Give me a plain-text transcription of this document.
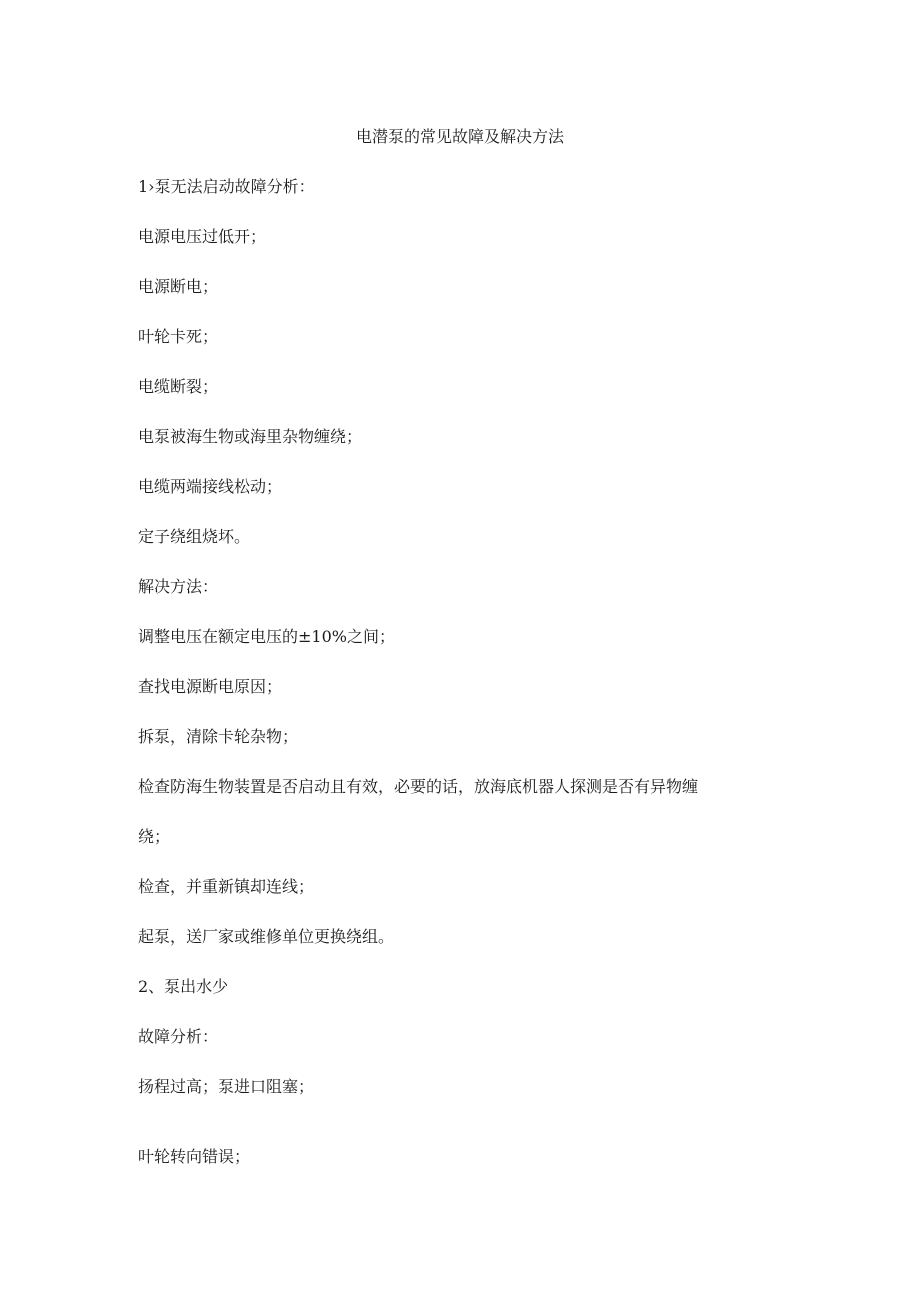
电潜泵的常见故障及解决方法
1›泵无法启动故障分析：
电源电压过低开；
电源断电；
叶轮卡死；
电缆断裂；
电泵被海生物或海里杂物缠绕；
电缆两端接线松动；
定子绕组烧坏。
解决方法：
调整电压在额定电压的±10%之间；
查找电源断电原因；
拆泵，清除卡轮杂物；
检查防海生物装置是否启动且有效，必要的话，放海底机器人探测是否有异物缠
绕；
检查，并重新镇却连线；
起泵，送厂家或维修单位更换绕组。
2、泵出水少
故障分析：
扬程过高；泵进口阻塞；
叶轮转向错误；
